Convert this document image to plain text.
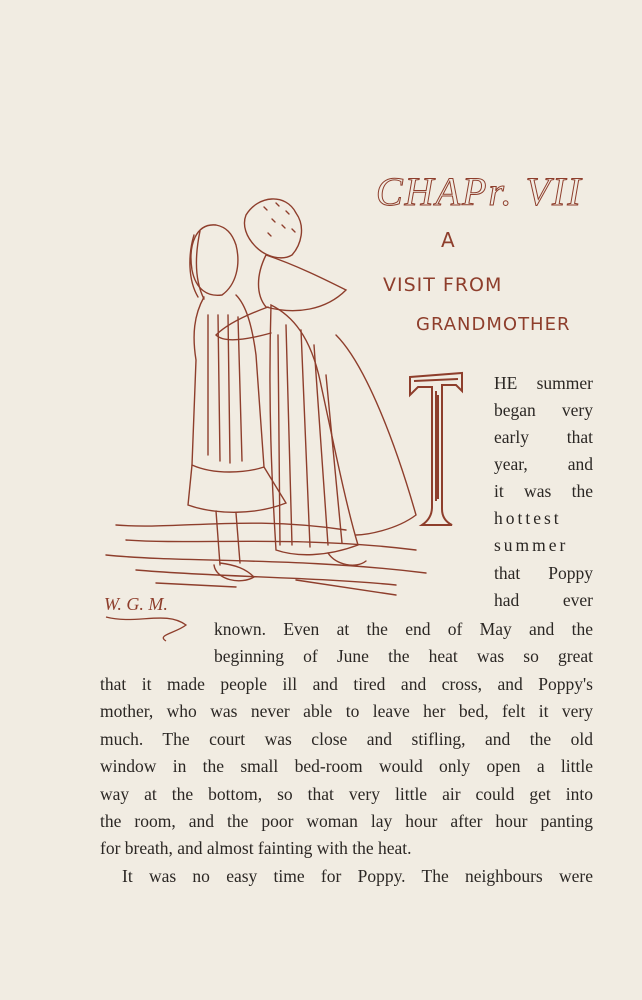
W. G. M.
CHAPr. VII
A
VISIT FROM
GRANDMOTHER
HE summer
began very
early that
year, and
it was the
hottest
summer
that Poppy
had ever
known. Even at the end of May and the
beginning of June the heat was so great
that it made people ill and tired and cross, and Poppy's
mother, who was never able to leave her bed, felt it very
much. The court was close and stifling, and the old
window in the small bed-room would only open a little
way at the bottom, so that very little air could get into
the room, and the poor woman lay hour after hour panting
for breath, and almost fainting with the heat.
It was no easy time for Poppy. The neighbours were
